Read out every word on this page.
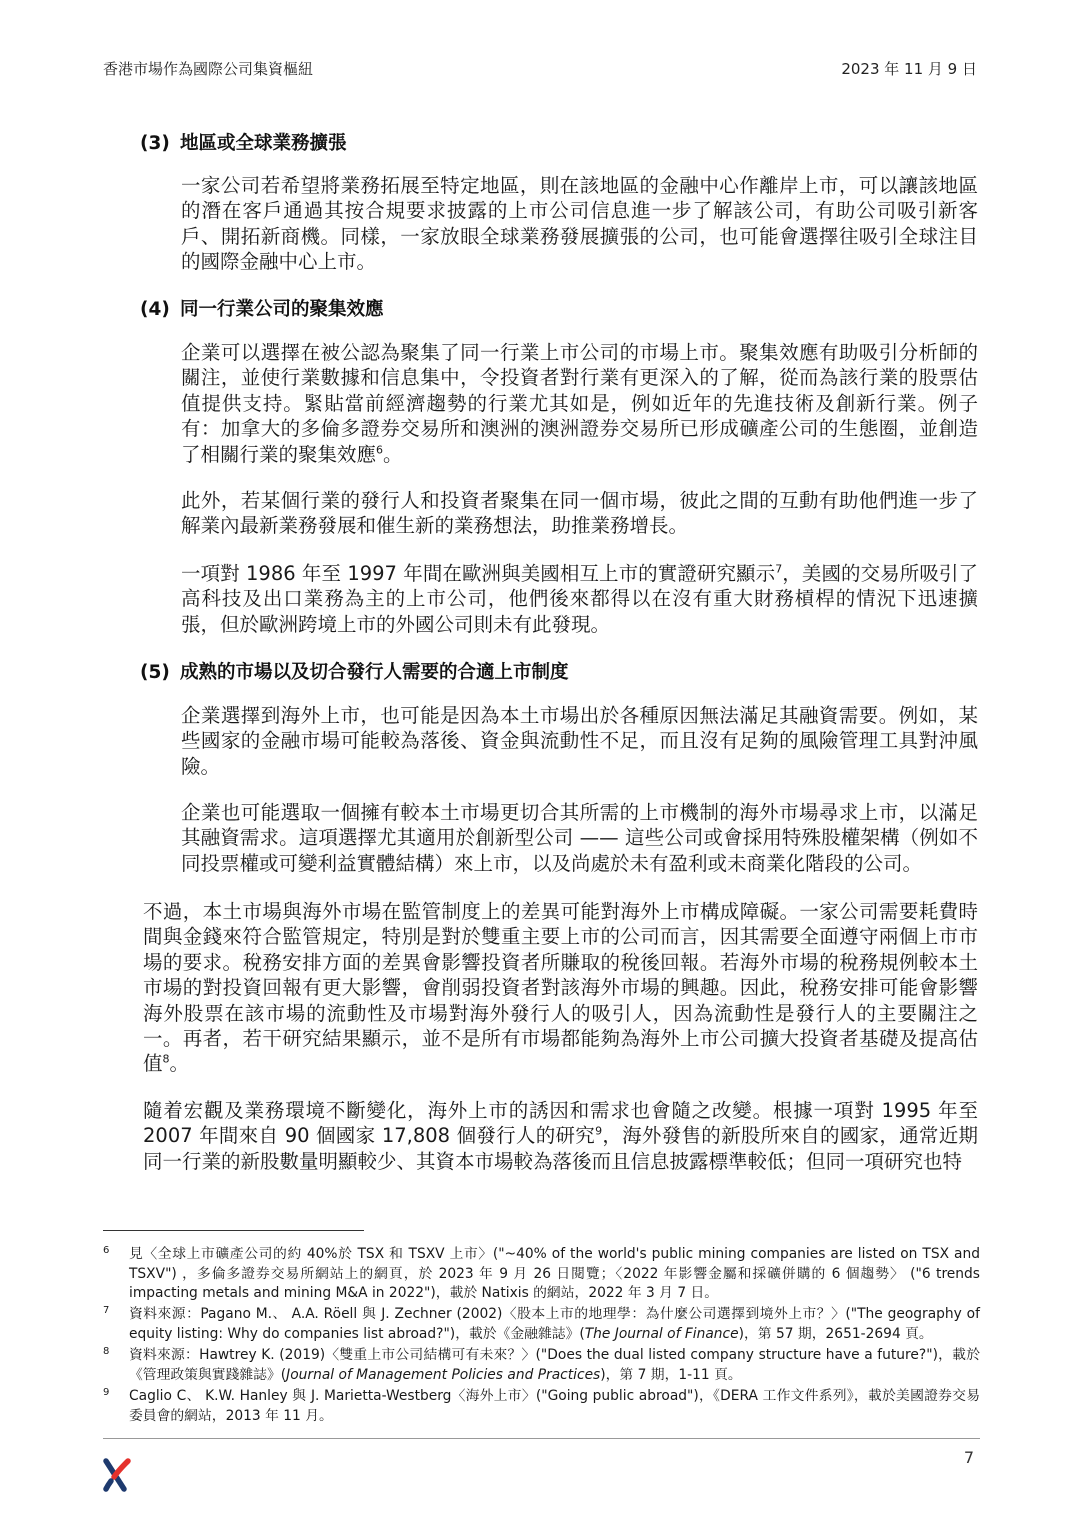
香港市場作為國際公司集資樞紐	2023 年 11 月 9 日
(3) 地區或全球業務擴張
一家公司若希望將業務拓展至特定地區，則在該地區的金融中心作離岸上市，可以讓該地區的潛在客戶通過其按合規要求披露的上市公司信息進一步了解該公司，有助公司吸引新客戶、開拓新商機。同樣，一家放眼全球業務發展擴張的公司，也可能會選擇往吸引全球注目的國際金融中心上市。
(4) 同一行業公司的聚集效應
企業可以選擇在被公認為聚集了同一行業上市公司的市場上市。聚集效應有助吸引分析師的關注，並使行業數據和信息集中，令投資者對行業有更深入的了解，從而為該行業的股票估值提供支持。緊貼當前經濟趨勢的行業尤其如是，例如近年的先進技術及創新行業。例子有：加拿大的多倫多證券交易所和澳洲的澳洲證券交易所已形成礦產公司的生態圈，並創造了相關行業的聚集效應$^6$。
此外，若某個行業的發行人和投資者聚集在同一個市場，彼此之間的互動有助他們進一步了解業內最新業務發展和催生新的業務想法，助推業務增長。
一項對 1986 年至 1997 年間在歐洲與美國相互上市的實證研究顯示$^7$，美國的交易所吸引了高科技及出口業務為主的上市公司，他們後來都得以在沒有重大財務槓桿的情況下迅速擴張，但於歐洲跨境上市的外國公司則未有此發現。
(5) 成熟的市場以及切合發行人需要的合適上市制度
企業選擇到海外上市，也可能是因為本土市場出於各種原因無法滿足其融資需要。例如，某些國家的金融市場可能較為落後、資金與流動性不足，而且沒有足夠的風險管理工具對沖風險。
企業也可能選取一個擁有較本土市場更切合其所需的上市機制的海外市場尋求上市，以滿足其融資需求。這項選擇尤其適用於創新型公司 —— 這些公司或會採用特殊股權架構（例如不同投票權或可變利益實體結構）來上市，以及尚處於未有盈利或未商業化階段的公司。
不過，本土市場與海外市場在監管制度上的差異可能對海外上市構成障礙。一家公司需要耗費時間與金錢來符合監管規定，特別是對於雙重主要上市的公司而言，因其需要全面遵守兩個上市市場的要求。稅務安排方面的差異會影響投資者所賺取的稅後回報。若海外市場的稅務規例較本土市場的對投資回報有更大影響，會削弱投資者對該海外市場的興趣。因此，稅務安排可能會影響海外股票在該市場的流動性及市場對海外發行人的吸引人，因為流動性是發行人的主要關注之一。再者，若干研究結果顯示，並不是所有市場都能夠為海外上市公司擴大投資者基礎及提高估值$^8$。
隨着宏觀及業務環境不斷變化，海外上市的誘因和需求也會隨之改變。根據一項對 1995 年至 2007 年間來自 90 個國家 17,808 個發行人的研究$^9$，海外發售的新股所來自的國家，通常近期同一行業的新股數量明顯較少、其資本市場較為落後而且信息披露標準較低；但同一項研究也特
6 見〈全球上市礦產公司的約 40%於 TSX 和 TSXV 上市〉("~40% of the world's public mining companies are listed on TSX and TSXV") ，多倫多證券交易所網站上的網頁，於 2023 年 9 月 26 日閱覽；〈2022 年影響金屬和採礦併購的 6 個趨勢〉 ("6 trends impacting metals and mining M&A in 2022")，載於 Natixis 的網站，2022 年 3 月 7 日。
7 資料來源：Pagano M.、 A.A. Röell 與 J. Zechner (2002)〈股本上市的地理學：為什麼公司選擇到境外上市？〉("The geography of equity listing: Why do companies list abroad?")，載於《金融雜誌》(The Journal of Finance)，第 57 期，2651-2694 頁。
8 資料來源：Hawtrey K. (2019)〈雙重上市公司結構可有未來？〉("Does the dual listed company structure have a future?")，載於《管理政策與實踐雜誌》(Journal of Management Policies and Practices)，第 7 期，1-11 頁。
9 Caglio C、 K.W. Hanley 與 J. Marietta-Westberg〈海外上市〉("Going public abroad")，《DERA 工作文件系列》，載於美國證券交易委員會的網站，2013 年 11 月。
7
